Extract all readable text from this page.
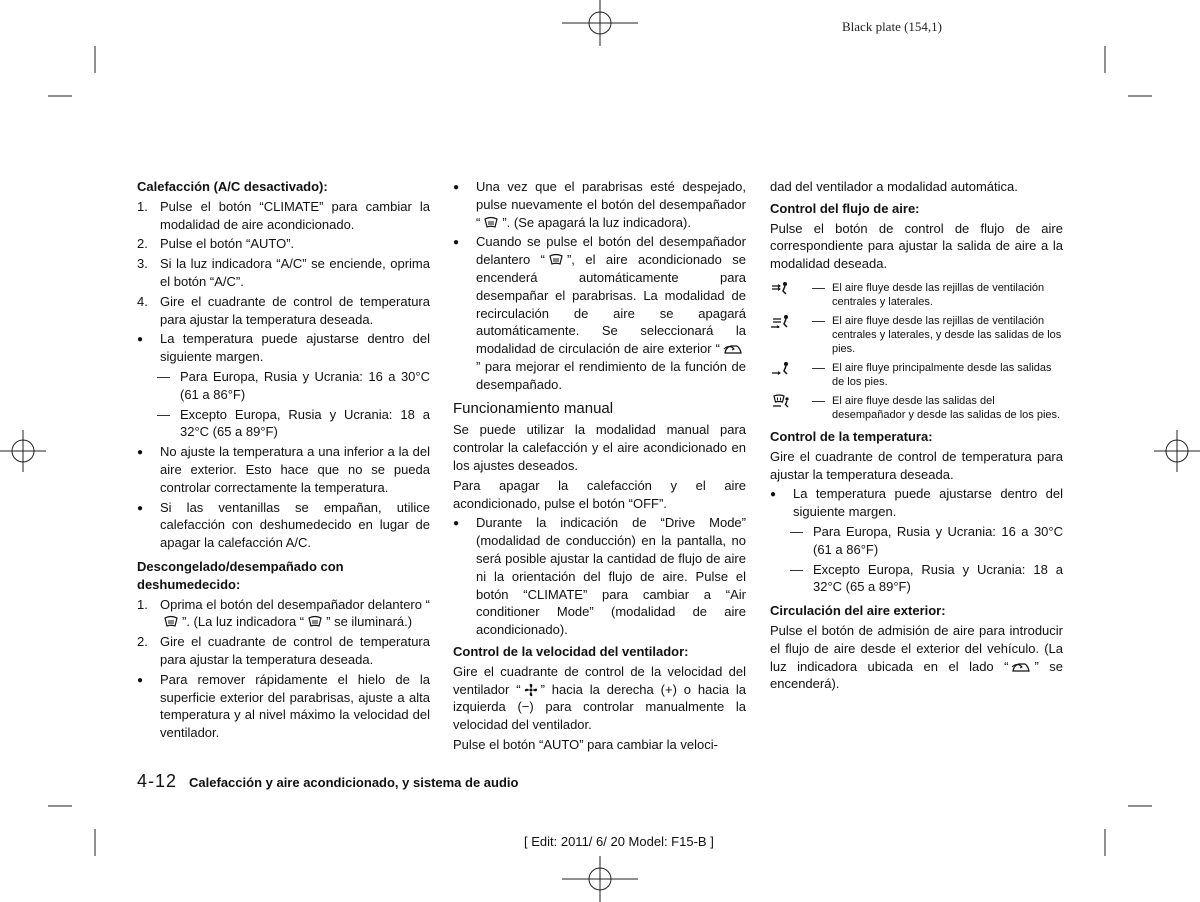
Black plate (154,1)
Calefacción (A/C desactivado):
1. Pulse el botón “CLIMATE” para cambiar la modalidad de aire acondicionado.
2. Pulse el botón “AUTO”.
3. Si la luz indicadora “A/C” se enciende, oprima el botón “A/C”.
4. Gire el cuadrante de control de temperatura para ajustar la temperatura deseada.
●	La temperatura puede ajustarse dentro del siguiente margen.
— Para Europa, Rusia y Ucrania: 16 a 30°C (61 a 86°F)
— Excepto Europa, Rusia y Ucrania: 18 a 32°C (65 a 89°F)
●	No ajuste la temperatura a una inferior a la del aire exterior. Esto hace que no se pueda controlar correctamente la temperatura.
●	Si las ventanillas se empañan, utilice calefacción con deshumedecido en lugar de apagar la calefacción A/C.
Descongelado/desempañado con deshumedecido:
1. Oprima el botón del desempañador delantero “”. (La luz indicadora “ ” se iluminará.)
2. Gire el cuadrante de control de temperatura para ajustar la temperatura deseada.
●	Para remover rápidamente el hielo de la superficie exterior del parabrisas, ajuste a alta temperatura y al nivel máximo la velocidad del ventilador.
●	Una vez que el parabrisas esté despejado, pulse nuevamente el botón del desempañador “ ”. (Se apagará la luz indicadora).
●	Cuando se pulse el botón del desempañador delantero “ ”, el aire acondicionado se encenderá automáticamente para desempañar el parabrisas. La modalidad de recirculación de aire se apagará automáticamente. Se seleccionará la modalidad de circulación de aire exterior “” para mejorar el rendimiento de la función de desempañado.
Funcionamiento manual
Se puede utilizar la modalidad manual para controlar la calefacción y el aire acondicionado en los ajustes deseados.
Para apagar la calefacción y el aire acondicionado, pulse el botón “OFF”.
●	Durante la indicación de “Drive Mode” (modalidad de conducción) en la pantalla, no será posible ajustar la cantidad de flujo de aire ni la orientación del flujo de aire. Pulse el botón “CLIMATE” para cambiar a “Air conditioner Mode” (modalidad de aire acondicionado).
Control de la velocidad del ventilador:
Gire el cuadrante de control de la velocidad del ventilador “ ” hacia la derecha (+) o hacia la izquierda (−) para controlar manualmente la velocidad del ventilador.
Pulse el botón “AUTO” para cambiar la veloci-
dad del ventilador a modalidad automática.
Control del flujo de aire:
Pulse el botón de control de flujo de aire correspondiente para ajustar la salida de aire a la modalidad deseada.
— El aire fluye desde las rejillas de ventilación centrales y laterales.
— El aire fluye desde las rejillas de ventilación centrales y laterales, y desde las salidas de los pies.
— El aire fluye principalmente desde las salidas de los pies.
— El aire fluye desde las salidas del desempañador y desde las salidas de los pies.
Control de la temperatura:
Gire el cuadrante de control de temperatura para ajustar la temperatura deseada.
●	La temperatura puede ajustarse dentro del siguiente margen.
— Para Europa, Rusia y Ucrania: 16 a 30°C (61 a 86°F)
— Excepto Europa, Rusia y Ucrania: 18 a 32°C (65 a 89°F)
Circulación del aire exterior:
Pulse el botón de admisión de aire para introducir el flujo de aire desde el exterior del vehículo. (La luz indicadora ubicada en el lado “ ” se encenderá).
4-12 Calefacción y aire acondicionado, y sistema de audio
[ Edit: 2011/ 6/ 20 Model: F15-B ]
